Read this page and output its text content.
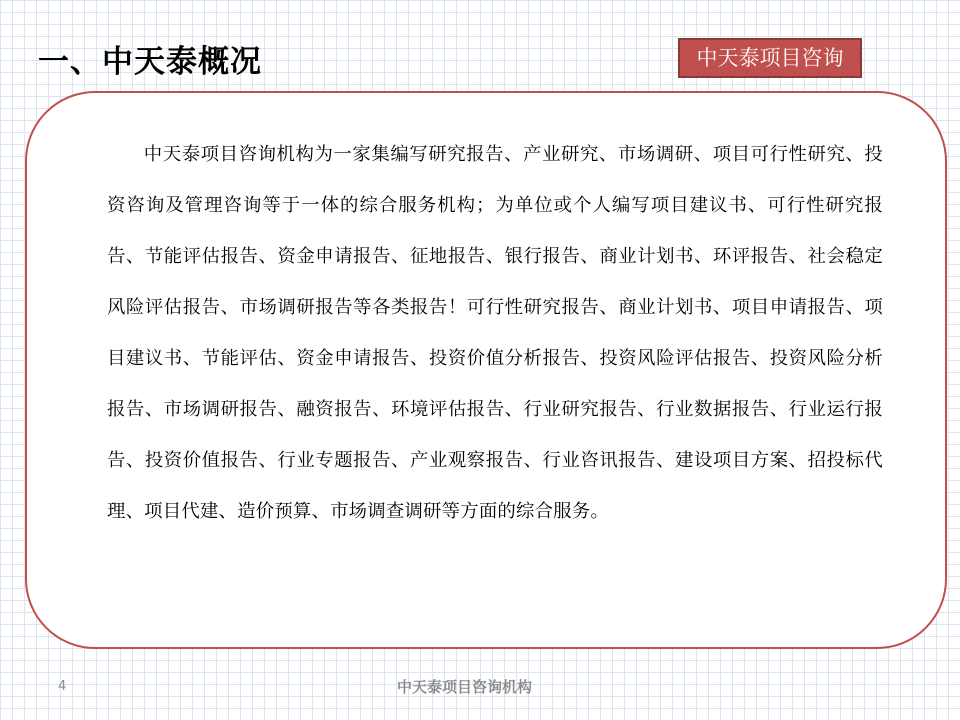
一、中天泰概况	中天泰项目咨询

中天泰项目咨询机构为一家集编写研究报告、产业研究、市场调研、项目可行性研究、投资咨询及管理咨询等于一体的综合服务机构；为单位或个人编写项目建议书、可行性研究报告、节能评估报告、资金申请报告、征地报告、银行报告、商业计划书、环评报告、社会稳定风险评估报告、市场调研报告等各类报告！可行性研究报告、商业计划书、项目申请报告、项目建议书、节能评估、资金申请报告、投资价值分析报告、投资风险评估报告、投资风险分析报告、市场调研报告、融资报告、环境评估报告、行业研究报告、行业数据报告、行业运行报告、投资价值报告、行业专题报告、产业观察报告、行业咨讯报告、建设项目方案、招投标代理、项目代建、造价预算、市场调查调研等方面的综合服务。

4	中天泰项目咨询机构
